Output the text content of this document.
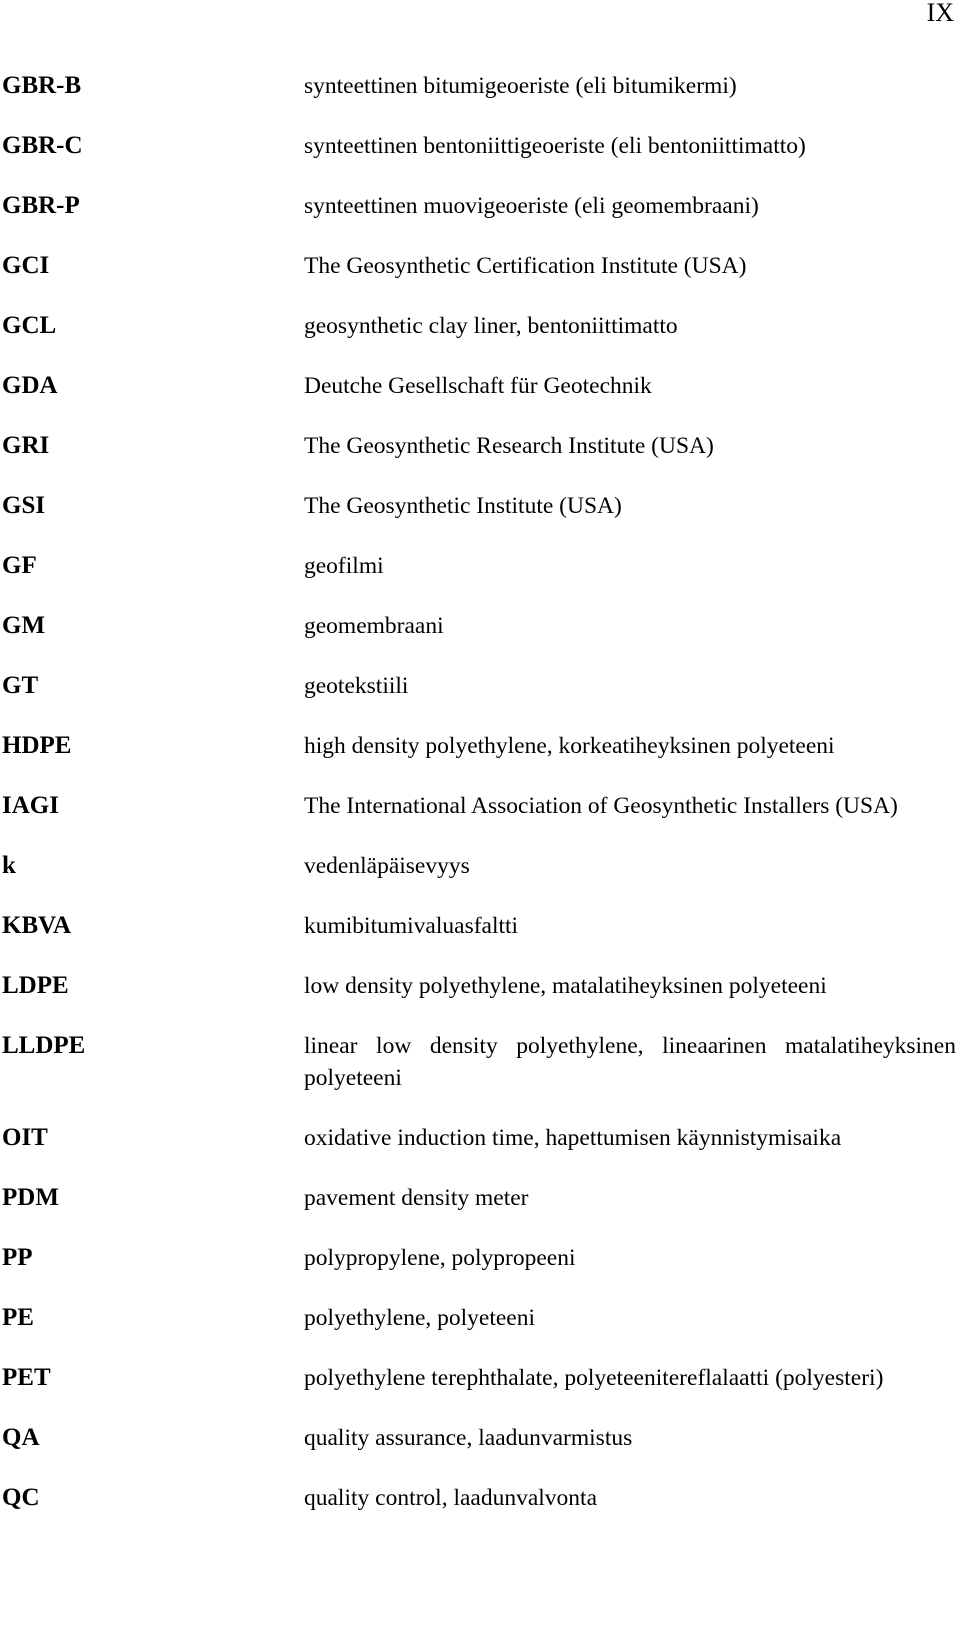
IX
GBR-B	synteettinen bitumigeoeriste (eli bitumikermi)
GBR-C	synteettinen bentoniittigeoeriste (eli bentoniittimatto)
GBR-P	synteettinen muovigeoeriste (eli geomembraani)
GCI	The Geosynthetic Certification Institute (USA)
GCL	geosynthetic clay liner, bentoniittimatto
GDA	Deutche Gesellschaft für Geotechnik
GRI	The Geosynthetic Research Institute (USA)
GSI	The Geosynthetic Institute (USA)
GF	geofilmi
GM	geomembraani
GT	geotekstiili
HDPE	high density polyethylene, korkeatiheyksinen polyeteeni
IAGI	The International Association of Geosynthetic Installers (USA)
k	vedenläpäisevyys
KBVA	kumibitumivaluasfaltti
LDPE	low density polyethylene, matalatiheyksinen polyeteeni
LLDPE	linear low density polyethylene, lineaarinen matalatiheyksinen polyeteeni
OIT	oxidative induction time, hapettumisen käynnistymisaika
PDM	pavement density meter
PP	polypropylene, polypropeeni
PE	polyethylene, polyeteeni
PET	polyethylene terephthalate, polyeteenitereflalaatti (polyesteri)
QA	quality assurance, laadunvarmistus
QC	quality control, laadunvalvonta
